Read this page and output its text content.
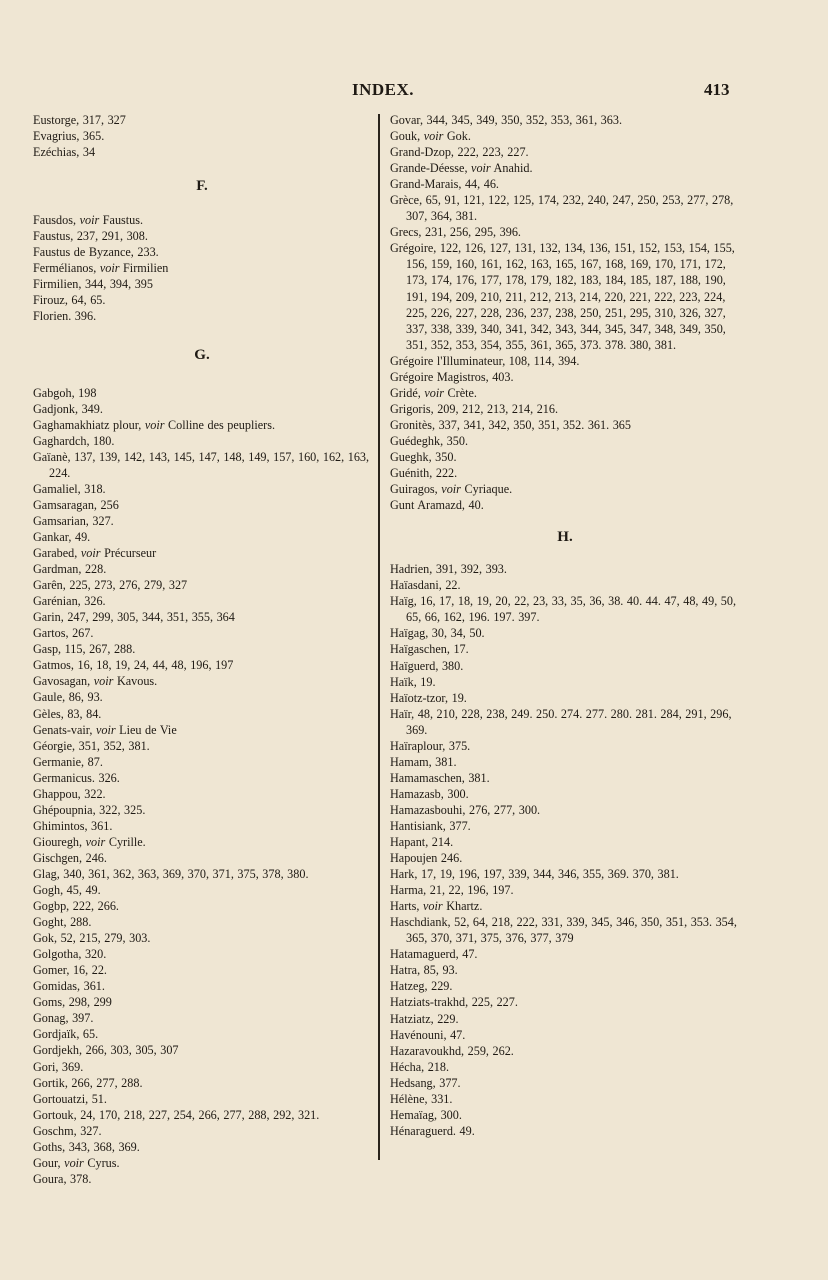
INDEX.	413
Eustorge, 317, 327
Evagrius, 365.
Ezéchias, 34
F.
Fausdos, voir Faustus.
Faustus, 237, 291, 308.
Faustus de Byzance, 233.
Fermélianos, voir Firmilien
Firmilien, 344, 394, 395
Firouz, 64, 65.
Florien. 396.
G.
Gabgoh, 198
Gadjonk, 349.
Gaghamakhiatz plour, voir Colline des peupliers.
Gaghardch, 180.
Gaïanè, 137, 139, 142, 143, 145, 147, 148, 149, 157, 160, 162, 163, 224.
Gamaliel, 318.
Gamsaragan, 256
Gamsarian, 327.
Gankar, 49.
Garabed, voir Précurseur
Gardman, 228.
Garên, 225, 273, 276, 279, 327
Garénian, 326.
Garin, 247, 299, 305, 344, 351, 355, 364
Gartos, 267.
Gasp, 115, 267, 288.
Gatmos, 16, 18, 19, 24, 44, 48, 196, 197
Gavosagan, voir Kavous.
Gaule, 86, 93.
Gèles, 83, 84.
Genats-vair, voir Lieu de Vie
Géorgie, 351, 352, 381.
Germanie, 87.
Germanicus. 326.
Ghappou, 322.
Ghépoupnia, 322, 325.
Ghimintos, 361.
Giouregh, voir Cyrille.
Gischgen, 246.
Glag, 340, 361, 362, 363, 369, 370, 371, 375, 378, 380.
Gogh, 45, 49.
Gogbp, 222, 266.
Goght, 288.
Gok, 52, 215, 279, 303.
Golgotha, 320.
Gomer, 16, 22.
Gomidas, 361.
Goms, 298, 299
Gonag, 397.
Gordjaïk, 65.
Gordjekh, 266, 303, 305, 307
Gori, 369.
Gortik, 266, 277, 288.
Gortouatzi, 51.
Gortouk, 24, 170, 218, 227, 254, 266, 277, 288, 292, 321.
Goschm, 327.
Goths, 343, 368, 369.
Gour, voir Cyrus.
Goura, 378.
Govar, 344, 345, 349, 350, 352, 353, 361, 363.
Gouk, voir Gok.
Grand-Dzop, 222, 223, 227.
Grande-Déesse, voir Anahid.
Grand-Marais, 44, 46.
Grèce, 65, 91, 121, 122, 125, 174, 232, 240, 247, 250, 253, 277, 278, 307, 364, 381.
Grecs, 231, 256, 295, 396.
Grégoire, 122, 126, 127, 131, 132, 134, 136, 151, 152, 153, 154, 155, 156, 159, 160, 161, 162, 163, 165, 167, 168, 169, 170, 171, 172, 173, 174, 176, 177, 178, 179, 182, 183, 184, 185, 187, 188, 190, 191, 194, 209, 210, 211, 212, 213, 214, 220, 221, 222, 223, 224, 225, 226, 227, 228, 236, 237, 238, 250, 251, 295, 310, 326, 327, 337, 338, 339, 340, 341, 342, 343, 344, 345, 347, 348, 349, 350, 351, 352, 353, 354, 355, 361, 365, 373. 378. 380, 381.
Grégoire l'Illuminateur, 108, 114, 394.
Grégoire Magistros, 403.
Gridé, voir Crète.
Grigoris, 209, 212, 213, 214, 216.
Gronitès, 337, 341, 342, 350, 351, 352. 361. 365
Guédeghk, 350.
Gueghk, 350.
Guénith, 222.
Guiragos, voir Cyriaque.
Gunt Aramazd, 40.
H.
Hadrien, 391, 392, 393.
Haïasdani, 22.
Haïg, 16, 17, 18, 19, 20, 22, 23, 33, 35, 36, 38. 40. 44. 47, 48, 49, 50, 65, 66, 162, 196. 197. 397.
Haïgag, 30, 34, 50.
Haïgaschen, 17.
Haïguerd, 380.
Haïk, 19.
Haïotz-tzor, 19.
Haïr, 48, 210, 228, 238, 249. 250. 274. 277. 280. 281. 284, 291, 296, 369.
Haïraplour, 375.
Hamam, 381.
Hamamaschen, 381.
Hamazasb, 300.
Hamazasbouhi, 276, 277, 300.
Hantisiank, 377.
Hapant, 214.
Hapoujen 246.
Hark, 17, 19, 196, 197, 339, 344, 346, 355, 369. 370, 381.
Harma, 21, 22, 196, 197.
Harts, voir Khartz.
Haschdiank, 52, 64, 218, 222, 331, 339, 345, 346, 350, 351, 353. 354, 365, 370, 371, 375, 376, 377, 379
Hatamaguerd, 47.
Hatra, 85, 93.
Hatzeg, 229.
Hatziats-trakhd, 225, 227.
Hatziatz, 229.
Havénouni, 47.
Hazaravoukhd, 259, 262.
Hécha, 218.
Hedsang, 377.
Hélène, 331.
Hemaïag, 300.
Hénaraguerd. 49.
